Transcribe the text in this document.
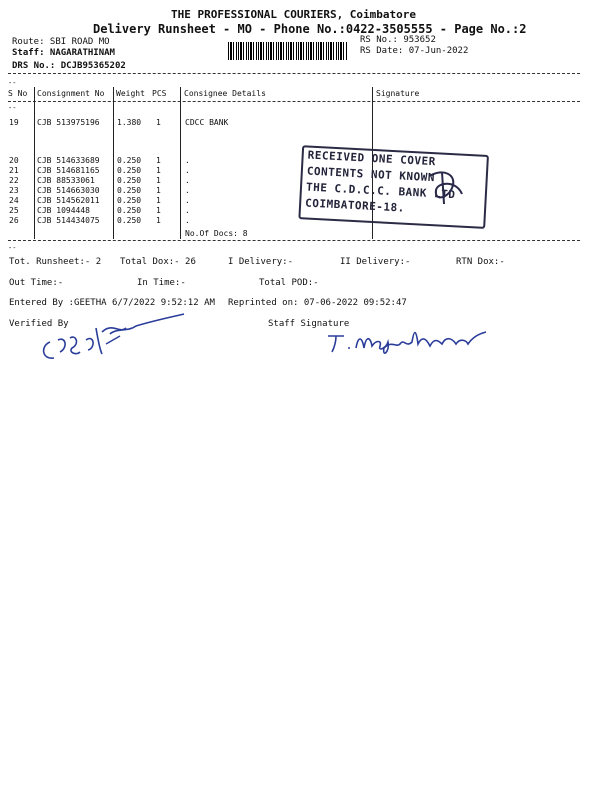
THE PROFESSIONAL COURIERS, Coimbatore
Delivery Runsheet - MO - Phone No.:0422-3505555 - Page No.:2
Route: SBI ROAD MO
Staff: NAGARATHINAM
DRS No.: DCJB95365202
RS No.: 953652
RS Date: 07-Jun-2022
--
S No Consignment No Weight PCS Consignee Details	Signature
--
19 CJB 513975196 1.380 1	CDCC BANK
20 CJB 514633689 0.250 1	.
21 CJB 514681165 0.250 1	.
22 CJB 88533061	0.250 1	.
23 CJB 514663030 0.250 1	.
24 CJB 514562011 0.250 1	.
25 CJB 1094448	0.250 1	.
26 CJB 514434075 0.250 1	.
No.Of Docs: 8
RECEIVED ONE COVER
CONTENTS NOT KNOWN
THE C.D.C.C. BANK LTD
COIMBATORE-18.
--
Tot. Runsheet:- 2 Total Dox:- 26	I Delivery:-	II Delivery:-	RTN Dox:-
Out Time:-	In Time:-	Total POD:-
Entered By :GEETHA 6/7/2022 9:52:12 AM Reprinted on: 07-06-2022 09:52:47
Verified By	Staff Signature
